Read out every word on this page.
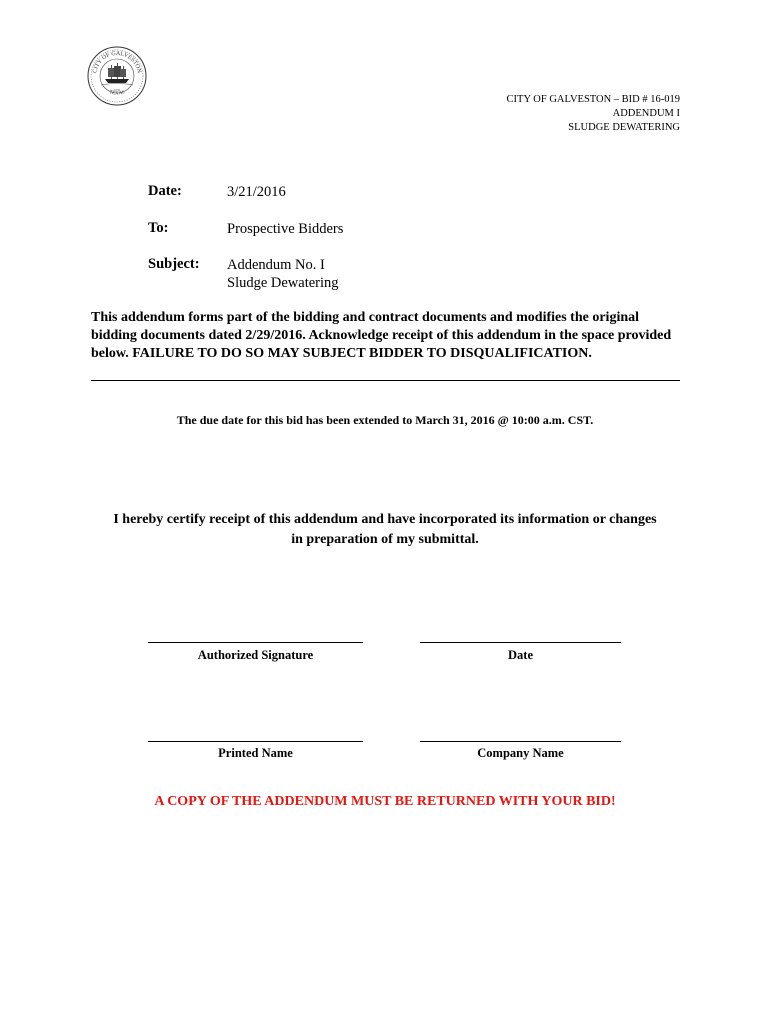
CITY OF GALVESTON
TEXAS
1839
CITY OF GALVESTON – BID # 16-019
ADDENDUM I
SLUDGE DEWATERING
Date:	3/21/2016
To:	Prospective Bidders
Subject: Addendum No. I
Sludge Dewatering
This addendum forms part of the bidding and contract documents and modifies the original bidding documents dated 2/29/2016. Acknowledge receipt of this addendum in the space provided below. FAILURE TO DO SO MAY SUBJECT BIDDER TO DISQUALIFICATION.
The due date for this bid has been extended to March 31, 2016 @ 10:00 a.m. CST.
I hereby certify receipt of this addendum and have incorporated its information or changes
in preparation of my submittal.
Authorized Signature	Date
Printed Name	Company Name
A COPY OF THE ADDENDUM MUST BE RETURNED WITH YOUR BID!
